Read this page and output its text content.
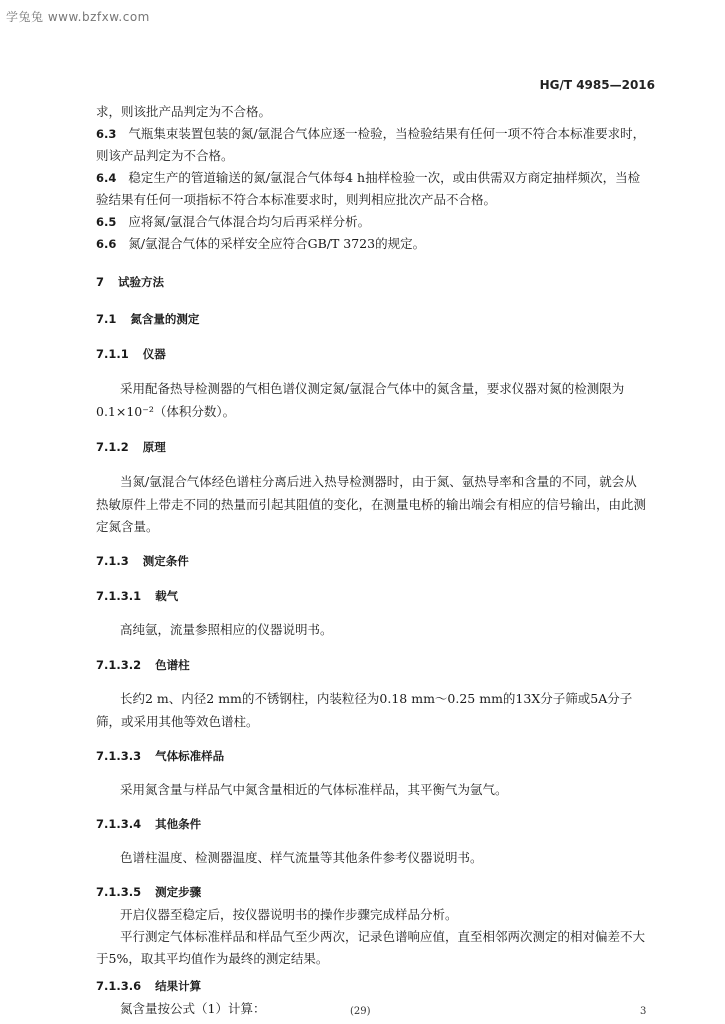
学兔兔 www.bzfxw.com
HG/T 4985—2016
求，则该批产品判定为不合格。
6.3 气瓶集束装置包装的氮/氩混合气体应逐一检验，当检验结果有任何一项不符合本标准要求时，
则该产品判定为不合格。
6.4 稳定生产的管道输送的氮/氩混合气体每4 h抽样检验一次，或由供需双方商定抽样频次，当检
验结果有任何一项指标不符合本标准要求时，则判相应批次产品不合格。
6.5 应将氮/氩混合气体混合均匀后再采样分析。
6.6 氮/氩混合气体的采样安全应符合GB/T 3723的规定。
7 试验方法
7.1 氮含量的测定
7.1.1 仪器
采用配备热导检测器的气相色谱仪测定氮/氩混合气体中的氮含量，要求仪器对氮的检测限为
0.1×10⁻²（体积分数）。
7.1.2 原理
当氮/氩混合气体经色谱柱分离后进入热导检测器时，由于氮、氩热导率和含量的不同，就会从
热敏原件上带走不同的热量而引起其阻值的变化，在测量电桥的输出端会有相应的信号输出，由此测
定氮含量。
7.1.3 测定条件
7.1.3.1 载气
高纯氩，流量参照相应的仪器说明书。
7.1.3.2 色谱柱
长约2 m、内径2 mm的不锈钢柱，内装粒径为0.18 mm～0.25 mm的13X分子筛或5A分子
筛，或采用其他等效色谱柱。
7.1.3.3 气体标准样品
采用氮含量与样品气中氮含量相近的气体标准样品，其平衡气为氩气。
7.1.3.4 其他条件
色谱柱温度、检测器温度、样气流量等其他条件参考仪器说明书。
7.1.3.5 测定步骤
开启仪器至稳定后，按仪器说明书的操作步骤完成样品分析。
平行测定气体标准样品和样品气至少两次，记录色谱响应值，直至相邻两次测定的相对偏差不大
于5%，取其平均值作为最终的测定结果。
7.1.3.6 结果计算
氮含量按公式（1）计算：	(29)	3
